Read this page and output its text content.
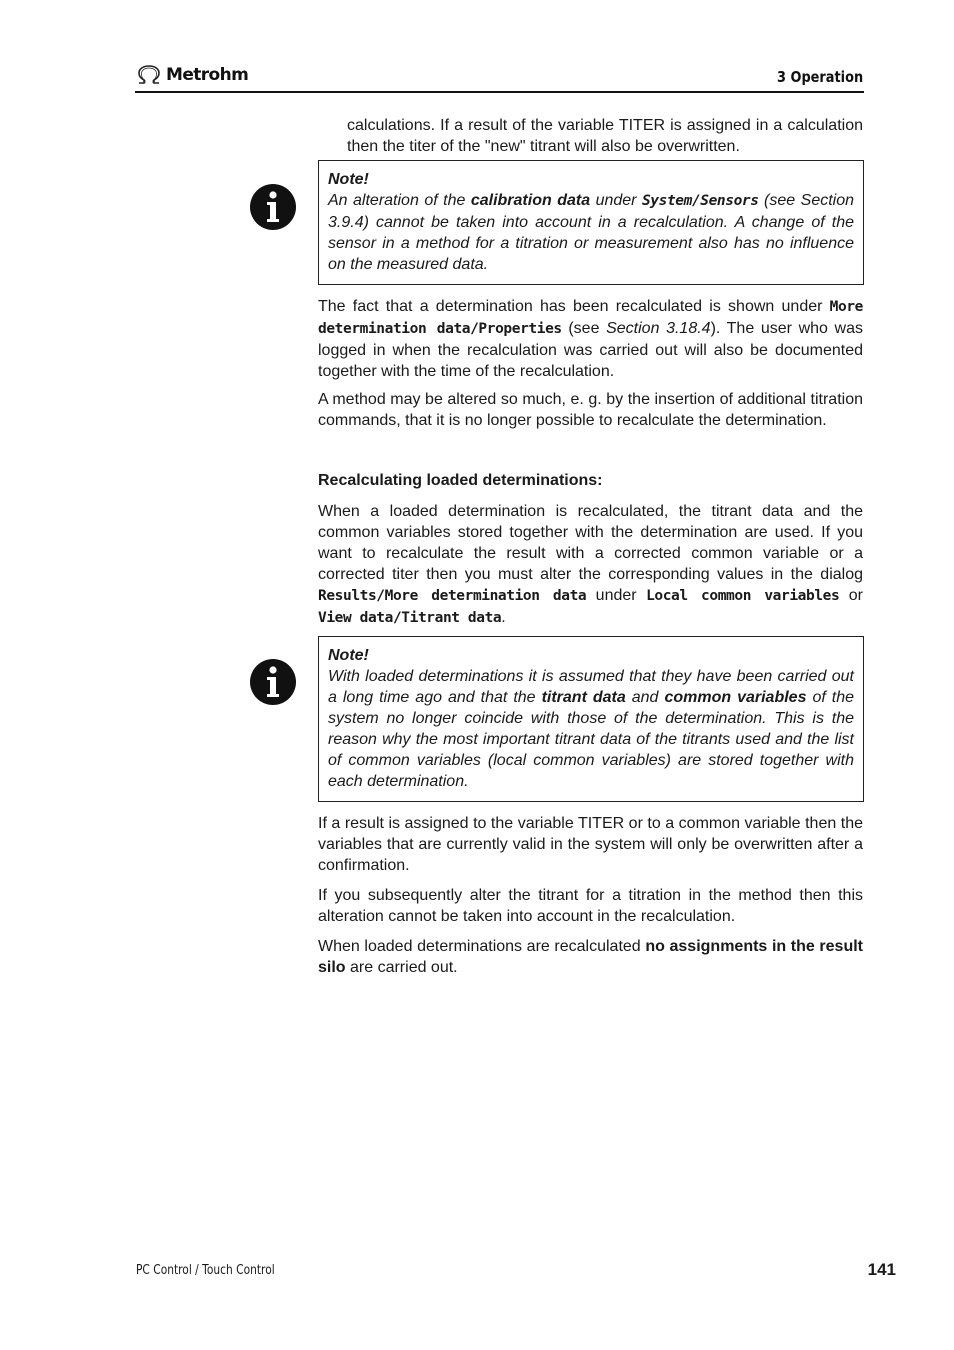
Metrohm	3 Operation

calculations. If a result of the variable TITER is assigned in a calculation then the titer of the "new" titrant will also be overwritten.

Note!
An alteration of the calibration data under System/Sensors (see Section 3.9.4) cannot be taken into account in a recalculation. A change of the sensor in a method for a titration or measurement also has no influence on the measured data.

The fact that a determination has been recalculated is shown under More determination data/Properties (see Section 3.18.4). The user who was logged in when the recalculation was carried out will also be documented together with the time of the recalculation.

A method may be altered so much, e. g. by the insertion of additional titration commands, that it is no longer possible to recalculate the determination.

Recalculating loaded determinations:

When a loaded determination is recalculated, the titrant data and the common variables stored together with the determination are used. If you want to recalculate the result with a corrected common variable or a corrected titer then you must alter the corresponding values in the dialog Results/More determination data under Local common variables or View data/Titrant data.

Note!
With loaded determinations it is assumed that they have been carried out a long time ago and that the titrant data and common variables of the system no longer coincide with those of the determination. This is the reason why the most important titrant data of the titrants used and the list of common variables (local common variables) are stored together with each determination.

If a result is assigned to the variable TITER or to a common variable then the variables that are currently valid in the system will only be overwritten after a confirmation.

If you subsequently alter the titrant for a titration in the method then this alteration cannot be taken into account in the recalculation.

When loaded determinations are recalculated no assignments in the result silo are carried out.

PC Control / Touch Control	141
